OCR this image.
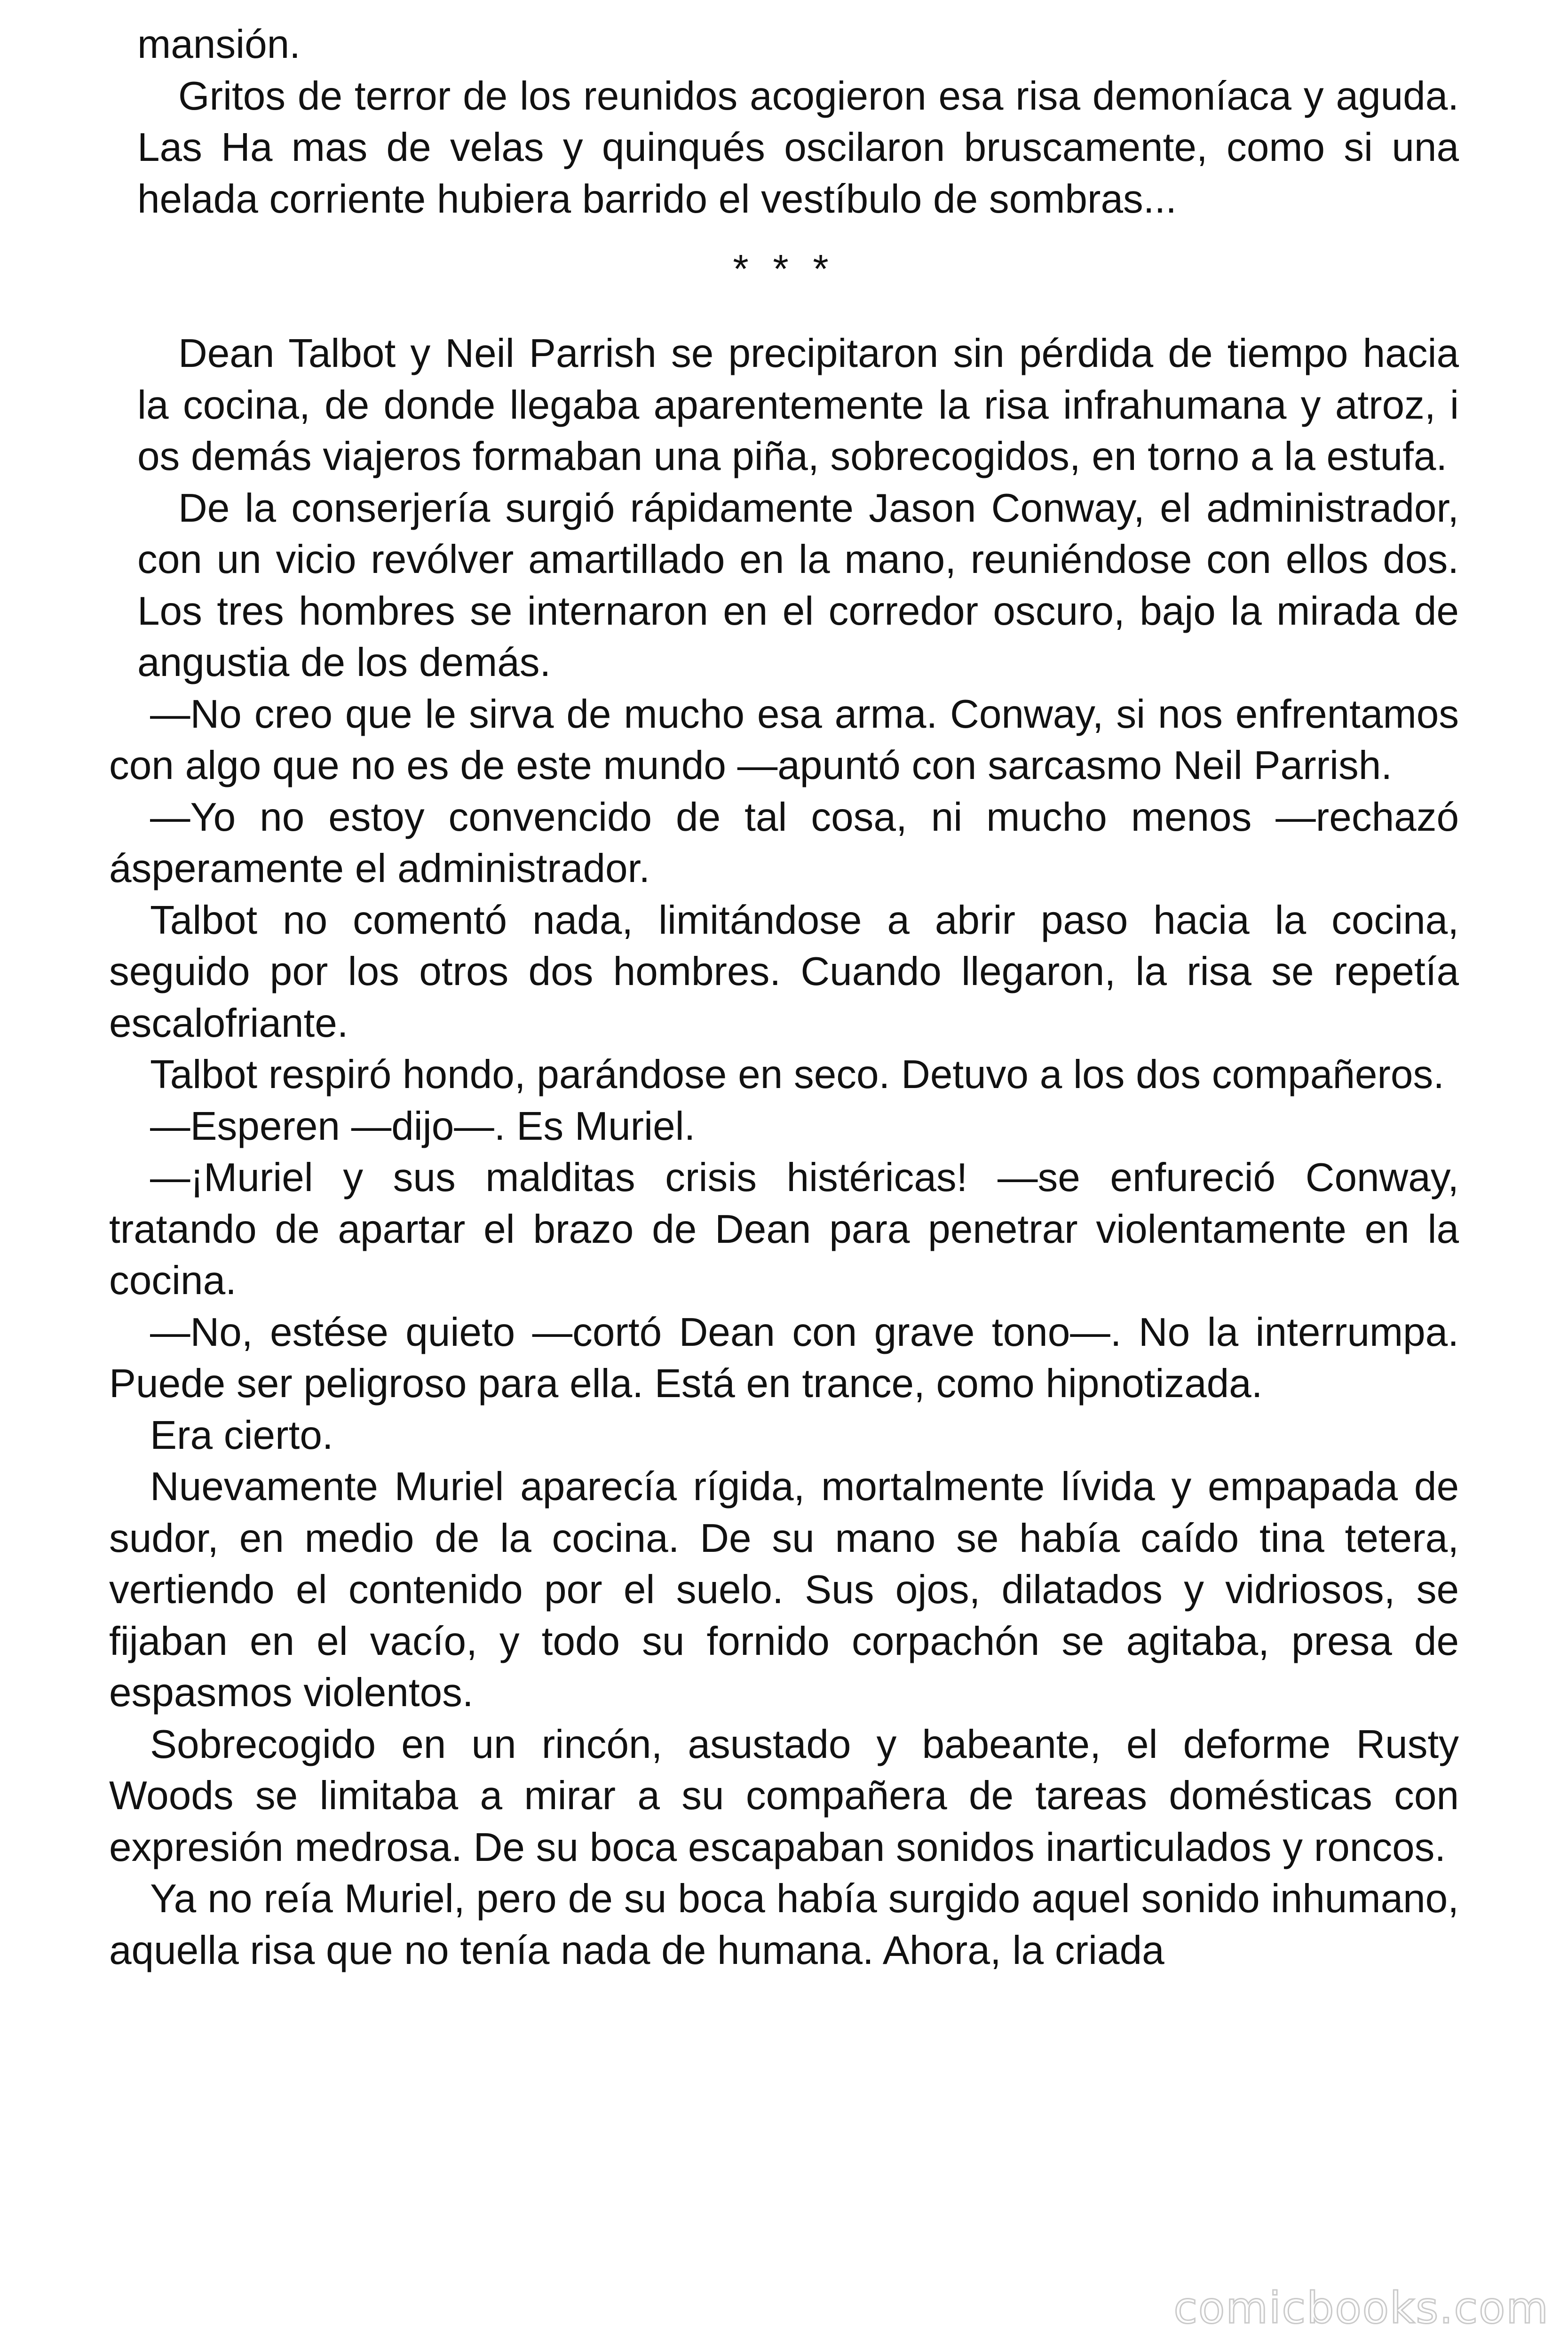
mansión.

Gritos de terror de los reunidos acogieron esa risa demoníaca y aguda. Las Ha mas de velas y quinqués oscilaron bruscamente, como si una helada corriente hubiera barrido el vestíbulo de sombras...

* * *

Dean Talbot y Neil Parrish se precipitaron sin pérdida de tiempo hacia la cocina, de donde llegaba aparentemente la risa infrahumana y atroz, i os demás viajeros formaban una piña, sobrecogidos, en torno a la estufa.

De la conserjería surgió rápidamente Jason Conway, el administrador, con un vicio revólver amartillado en la mano, reuniéndose con ellos dos. Los tres hombres se internaron en el corredor oscuro, bajo la mirada de angustia de los demás.

—No creo que le sirva de mucho esa arma. Conway, si nos enfrentamos con algo que no es de este mundo —apuntó con sarcasmo Neil Parrish.

—Yo no estoy convencido de tal cosa, ni mucho menos —rechazó ásperamente el administrador.

Talbot no comentó nada, limitándose a abrir paso hacia la cocina, seguido por los otros dos hombres. Cuando llegaron, la risa se repetía escalofriante.

Talbot respiró hondo, parándose en seco. Detuvo a los dos compañeros.

—Esperen —dijo—. Es Muriel.

—¡Muriel y sus malditas crisis histéricas! —se enfureció Conway, tratando de apartar el brazo de Dean para penetrar violentamente en la cocina.

—No, estése quieto —cortó Dean con grave tono—. No la interrumpa. Puede ser peligroso para ella. Está en trance, como hipnotizada.

Era cierto.

Nuevamente Muriel aparecía rígida, mortalmente lívida y empapada de sudor, en medio de la cocina. De su mano se había caído tina tetera, vertiendo el contenido por el suelo. Sus ojos, dilatados y vidriosos, se fijaban en el vacío, y todo su fornido corpachón se agitaba, presa de espasmos violentos.

Sobrecogido en un rincón, asustado y babeante, el deforme Rusty Woods se limitaba a mirar a su compañera de tareas domésticas con expresión medrosa. De su boca escapaban sonidos inarticulados y roncos.

Ya no reía Muriel, pero de su boca había surgido aquel sonido inhumano, aquella risa que no tenía nada de humana. Ahora, la criada

comicbooks.com
